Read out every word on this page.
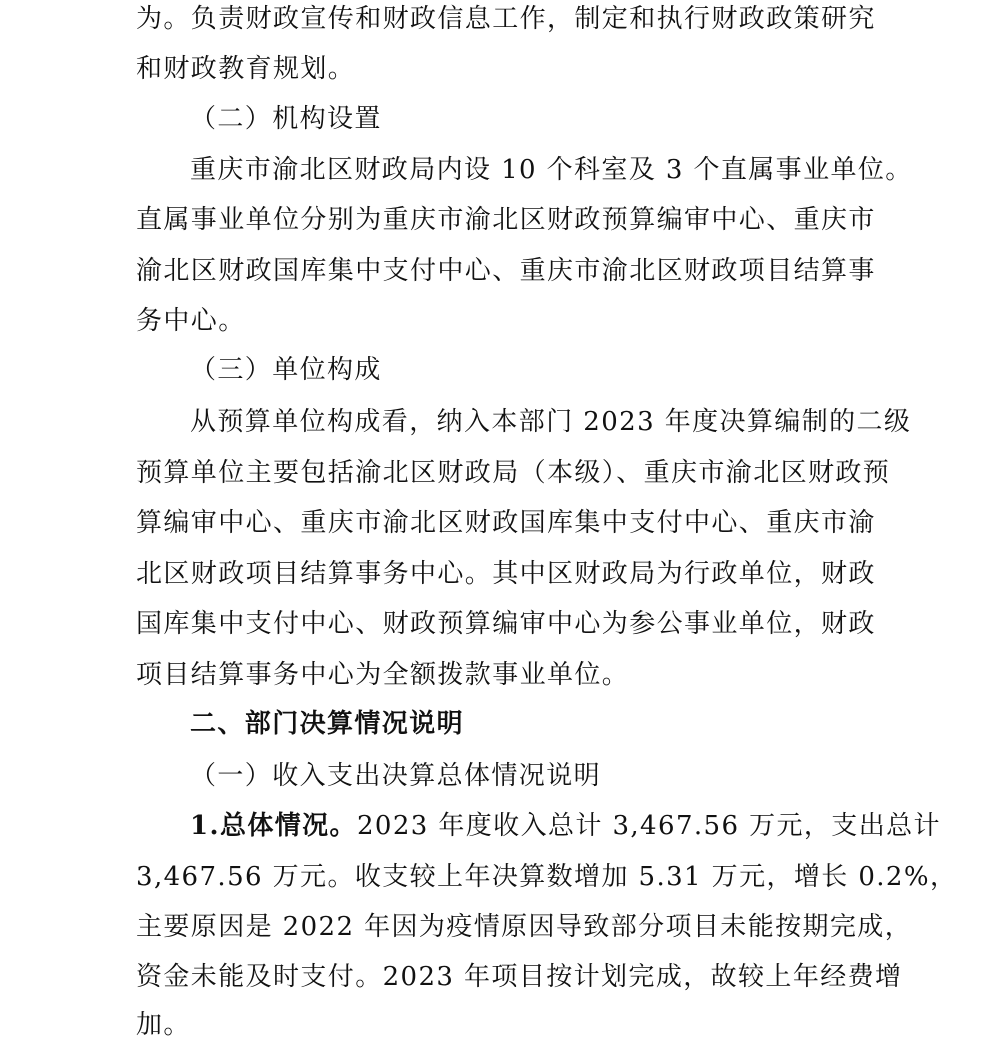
为。负责财政宣传和财政信息工作，制定和执行财政政策研究
和财政教育规划。
（二）机构设置
重庆市渝北区财政局内设 10 个科室及 3 个直属事业单位。
直属事业单位分别为重庆市渝北区财政预算编审中心、重庆市
渝北区财政国库集中支付中心、重庆市渝北区财政项目结算事
务中心。
（三）单位构成
从预算单位构成看，纳入本部门 2023 年度决算编制的二级
预算单位主要包括渝北区财政局（本级）、重庆市渝北区财政预
算编审中心、重庆市渝北区财政国库集中支付中心、重庆市渝
北区财政项目结算事务中心。其中区财政局为行政单位，财政
国库集中支付中心、财政预算编审中心为参公事业单位，财政
项目结算事务中心为全额拨款事业单位。
二、部门决算情况说明
（一）收入支出决算总体情况说明
1.总体情况。2023 年度收入总计 3,467.56 万元，支出总计
3,467.56 万元。收支较上年决算数增加 5.31 万元，增长 0.2%，
主要原因是 2022 年因为疫情原因导致部分项目未能按期完成，
资金未能及时支付。2023 年项目按计划完成，故较上年经费增
加。
